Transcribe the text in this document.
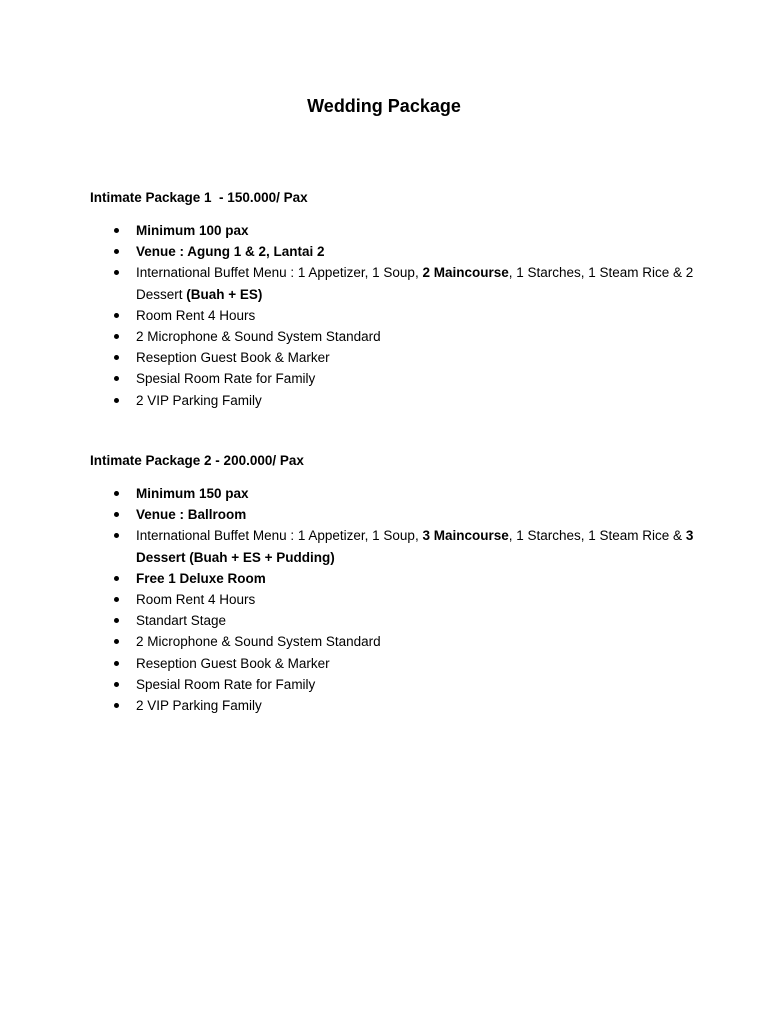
Wedding Package
Intimate Package 1  - 150.000/ Pax
Minimum 100 pax
Venue : Agung 1 & 2, Lantai 2
International Buffet Menu : 1 Appetizer, 1 Soup, 2 Maincourse, 1 Starches, 1 Steam Rice & 2 Dessert (Buah + ES)
Room Rent 4 Hours
2 Microphone & Sound System Standard
Reseption Guest Book & Marker
Spesial Room Rate for Family
2 VIP Parking Family
Intimate Package 2 - 200.000/ Pax
Minimum 150 pax
Venue : Ballroom
International Buffet Menu : 1 Appetizer, 1 Soup, 3 Maincourse, 1 Starches, 1 Steam Rice & 3 Dessert (Buah + ES + Pudding)
Free 1 Deluxe Room
Room Rent 4 Hours
Standart Stage
2 Microphone & Sound System Standard
Reseption Guest Book & Marker
Spesial Room Rate for Family
2 VIP Parking Family
